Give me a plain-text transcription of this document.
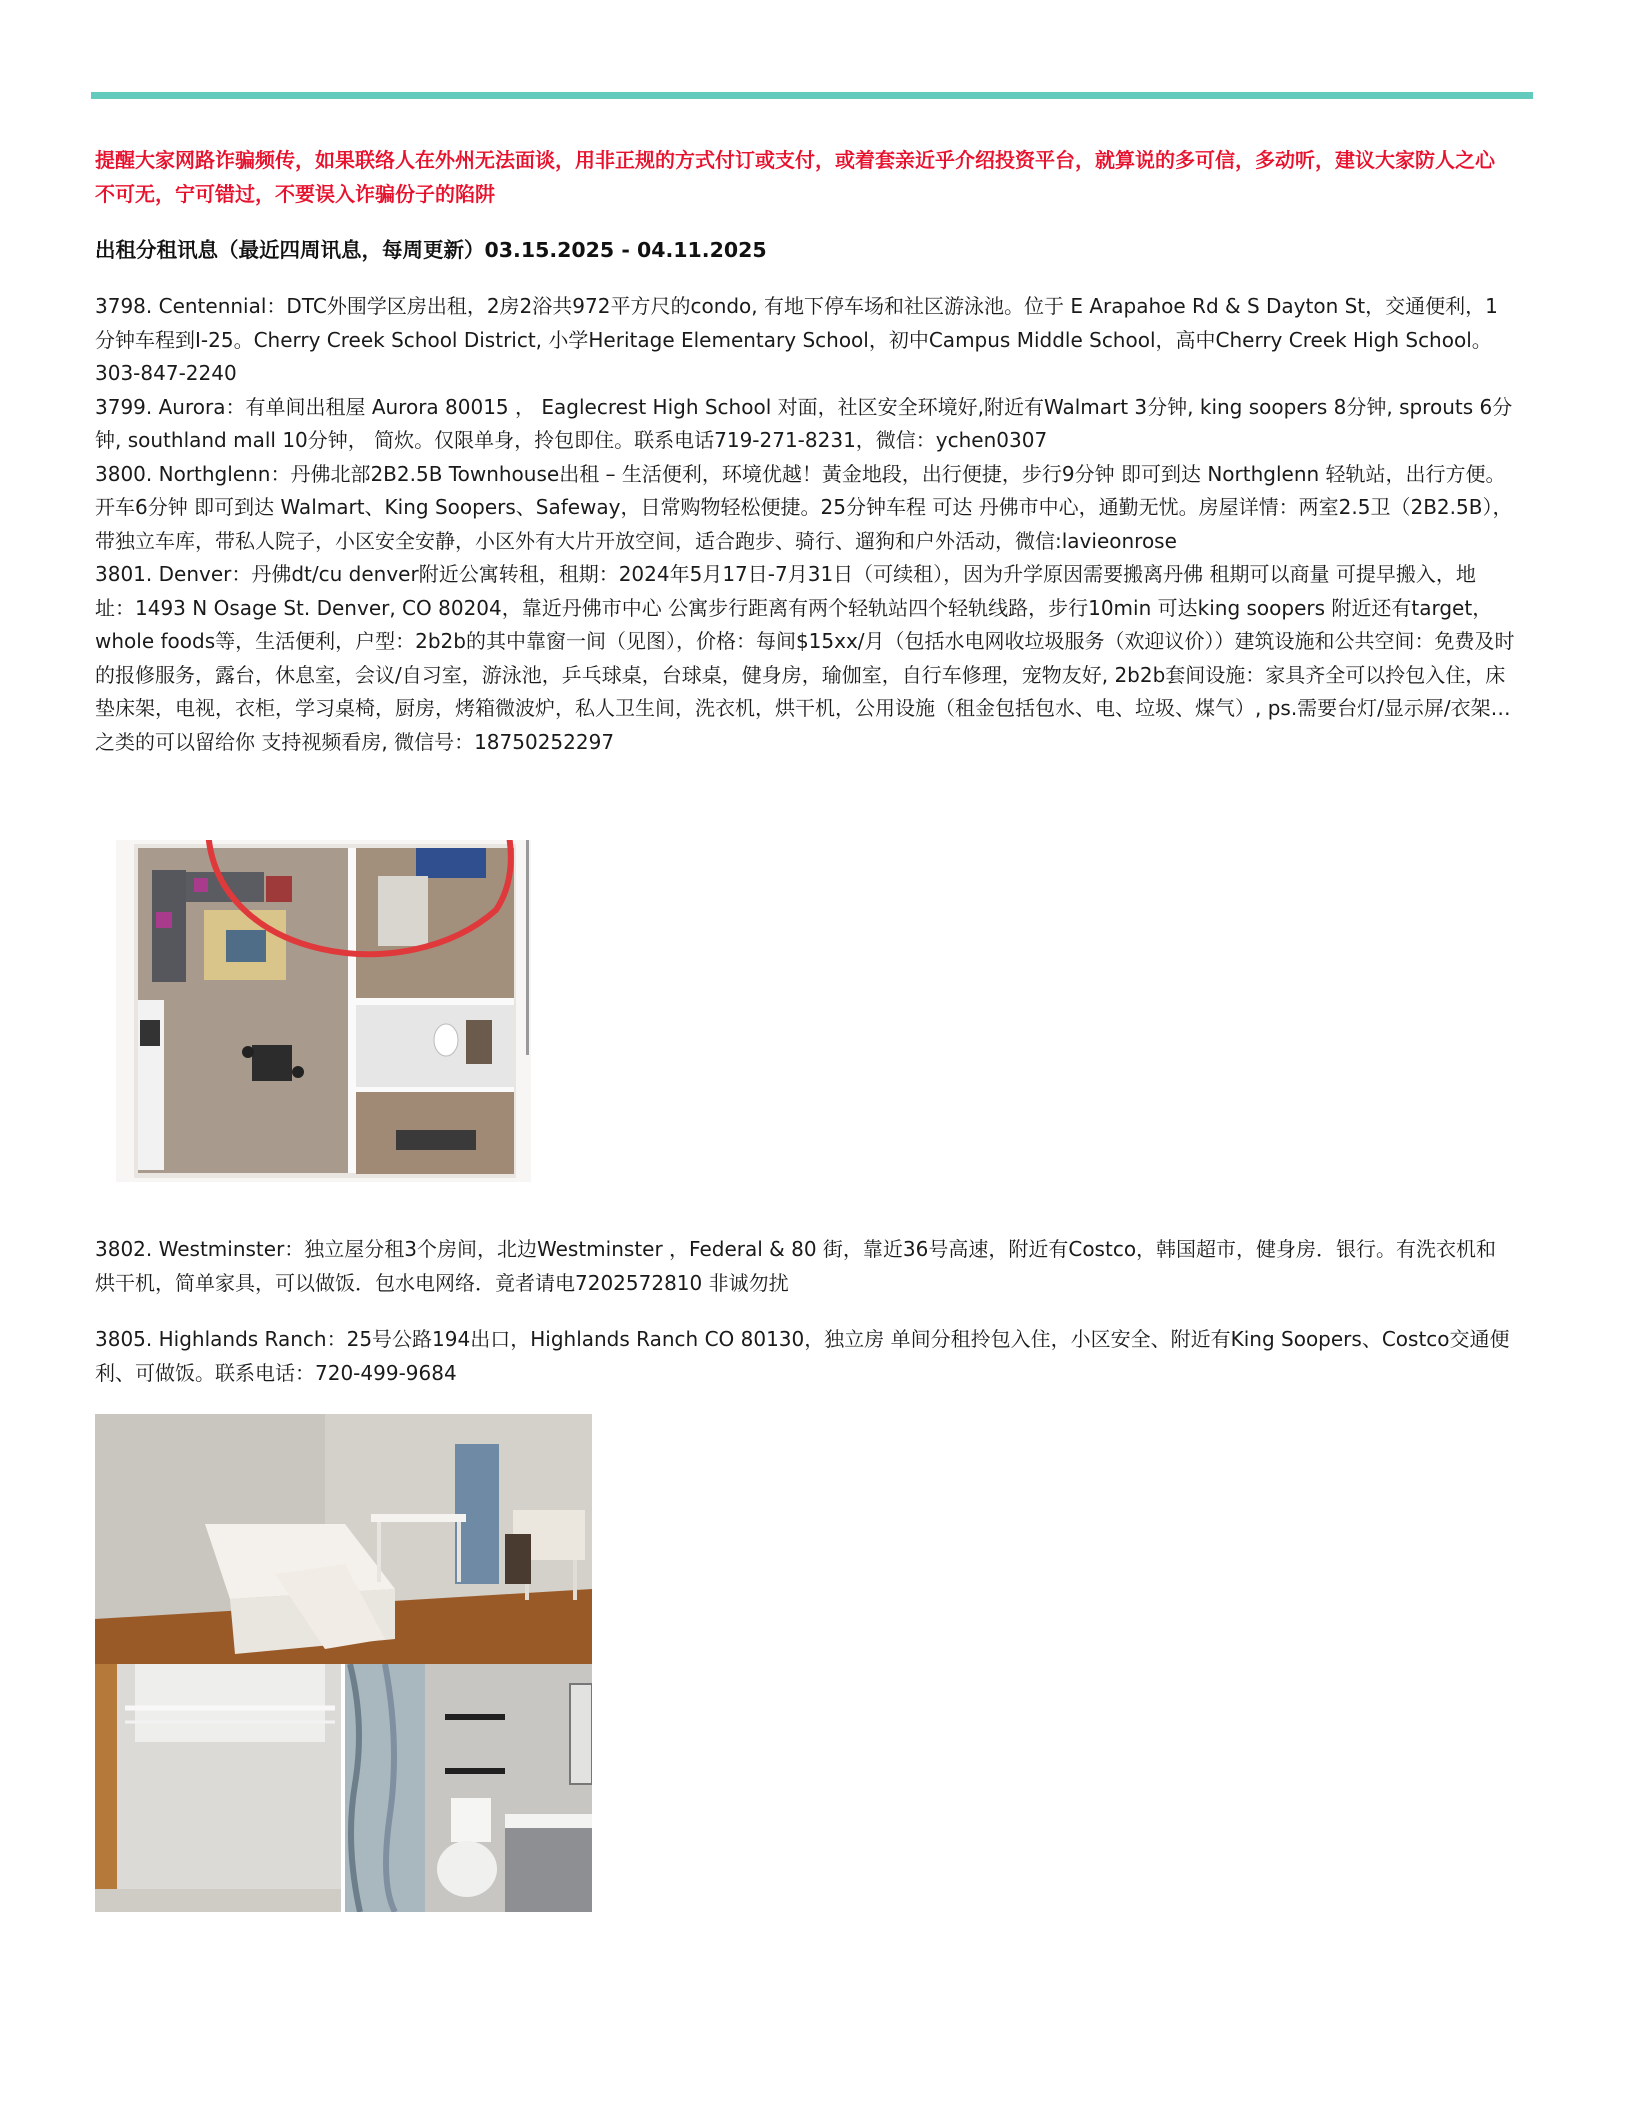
提醒大家网路诈骗频传，如果联络人在外州无法面谈，用非正规的方式付订或支付，或着套亲近乎介绍投资平台，就算说的多可信，多动听，建议大家防人之心不可无，宁可错过，不要误入诈骗份子的陷阱

出租分租讯息（最近四周讯息，每周更新）03.15.2025 - 04.11.2025

3798. Centennial：DTC外围学区房出租，2房2浴共972平方尺的condo, 有地下停车场和社区游泳池。位于 E Arapahoe Rd & S Dayton St，交通便利，1分钟车程到I-25。Cherry Creek School District, 小学Heritage Elementary School，初中Campus Middle School，高中Cherry Creek High School。303-847-2240

3799. Aurora：有单间出租屋 Aurora 80015 ， Eaglecrest High School 对面，社区安全环境好,附近有Walmart 3分钟, king soopers 8分钟, sprouts 6分钟, southland mall 10分钟， 简炊。仅限单身，拎包即住。联系电话719-271-8231，微信：ychen0307

3800. Northglenn：丹佛北部2B2.5B Townhouse出租 – 生活便利，环境优越！黃金地段，出行便捷，步行9分钟 即可到达 Northglenn 轻轨站，出行方便。开车6分钟 即可到达 Walmart、King Soopers、Safeway，日常购物轻松便捷。25分钟车程 可达 丹佛市中心，通勤无忧。房屋详情：两室2.5卫（2B2.5B），带独立车库，带私人院子，小区安全安静，小区外有大片开放空间，适合跑步、骑行、遛狗和户外活动，微信:lavieonrose

3801. Denver：丹佛dt/cu denver附近公寓转租，租期：2024年5月17日-7月31日（可续租），因为升学原因需要搬离丹佛 租期可以商量 可提早搬入，地址：1493 N Osage St. Denver, CO 80204，靠近丹佛市中心 公寓步行距离有两个轻轨站四个轻轨线路，步行10min 可达king soopers 附近还有target，whole foods等，生活便利，户型：2b2b的其中靠窗一间（见图），价格：每间$15xx/月（包括水电网收垃圾服务（欢迎议价））建筑设施和公共空间：免费及时的报修服务，露台，休息室，会议/自习室，游泳池，乒乓球桌，台球桌，健身房，瑜伽室，自行车修理，宠物友好, 2b2b套间设施：家具齐全可以拎包入住，床垫床架，电视，衣柜，学习桌椅，厨房，烤箱微波炉，私人卫生间，洗衣机，烘干机，公用设施（租金包括包水、电、垃圾、煤气）, ps.需要台灯/显示屏/衣架…之类的可以留给你 支持视频看房, 微信号：18750252297

3802. Westminster：独立屋分租3个房间，北边Westminster ，Federal & 80 街，靠近36号高速，附近有Costco，韩国超市，健身房．银行。有洗衣机和烘干机，简单家具，可以做饭．包水电网络．竟者请电7202572810 非诚勿扰

3805. Highlands Ranch：25号公路194出口，Highlands Ranch CO 80130，独立房 单间分租拎包入住，小区安全、附近有King Soopers、Costco交通便利、可做饭。联系电话：720-499-9684
